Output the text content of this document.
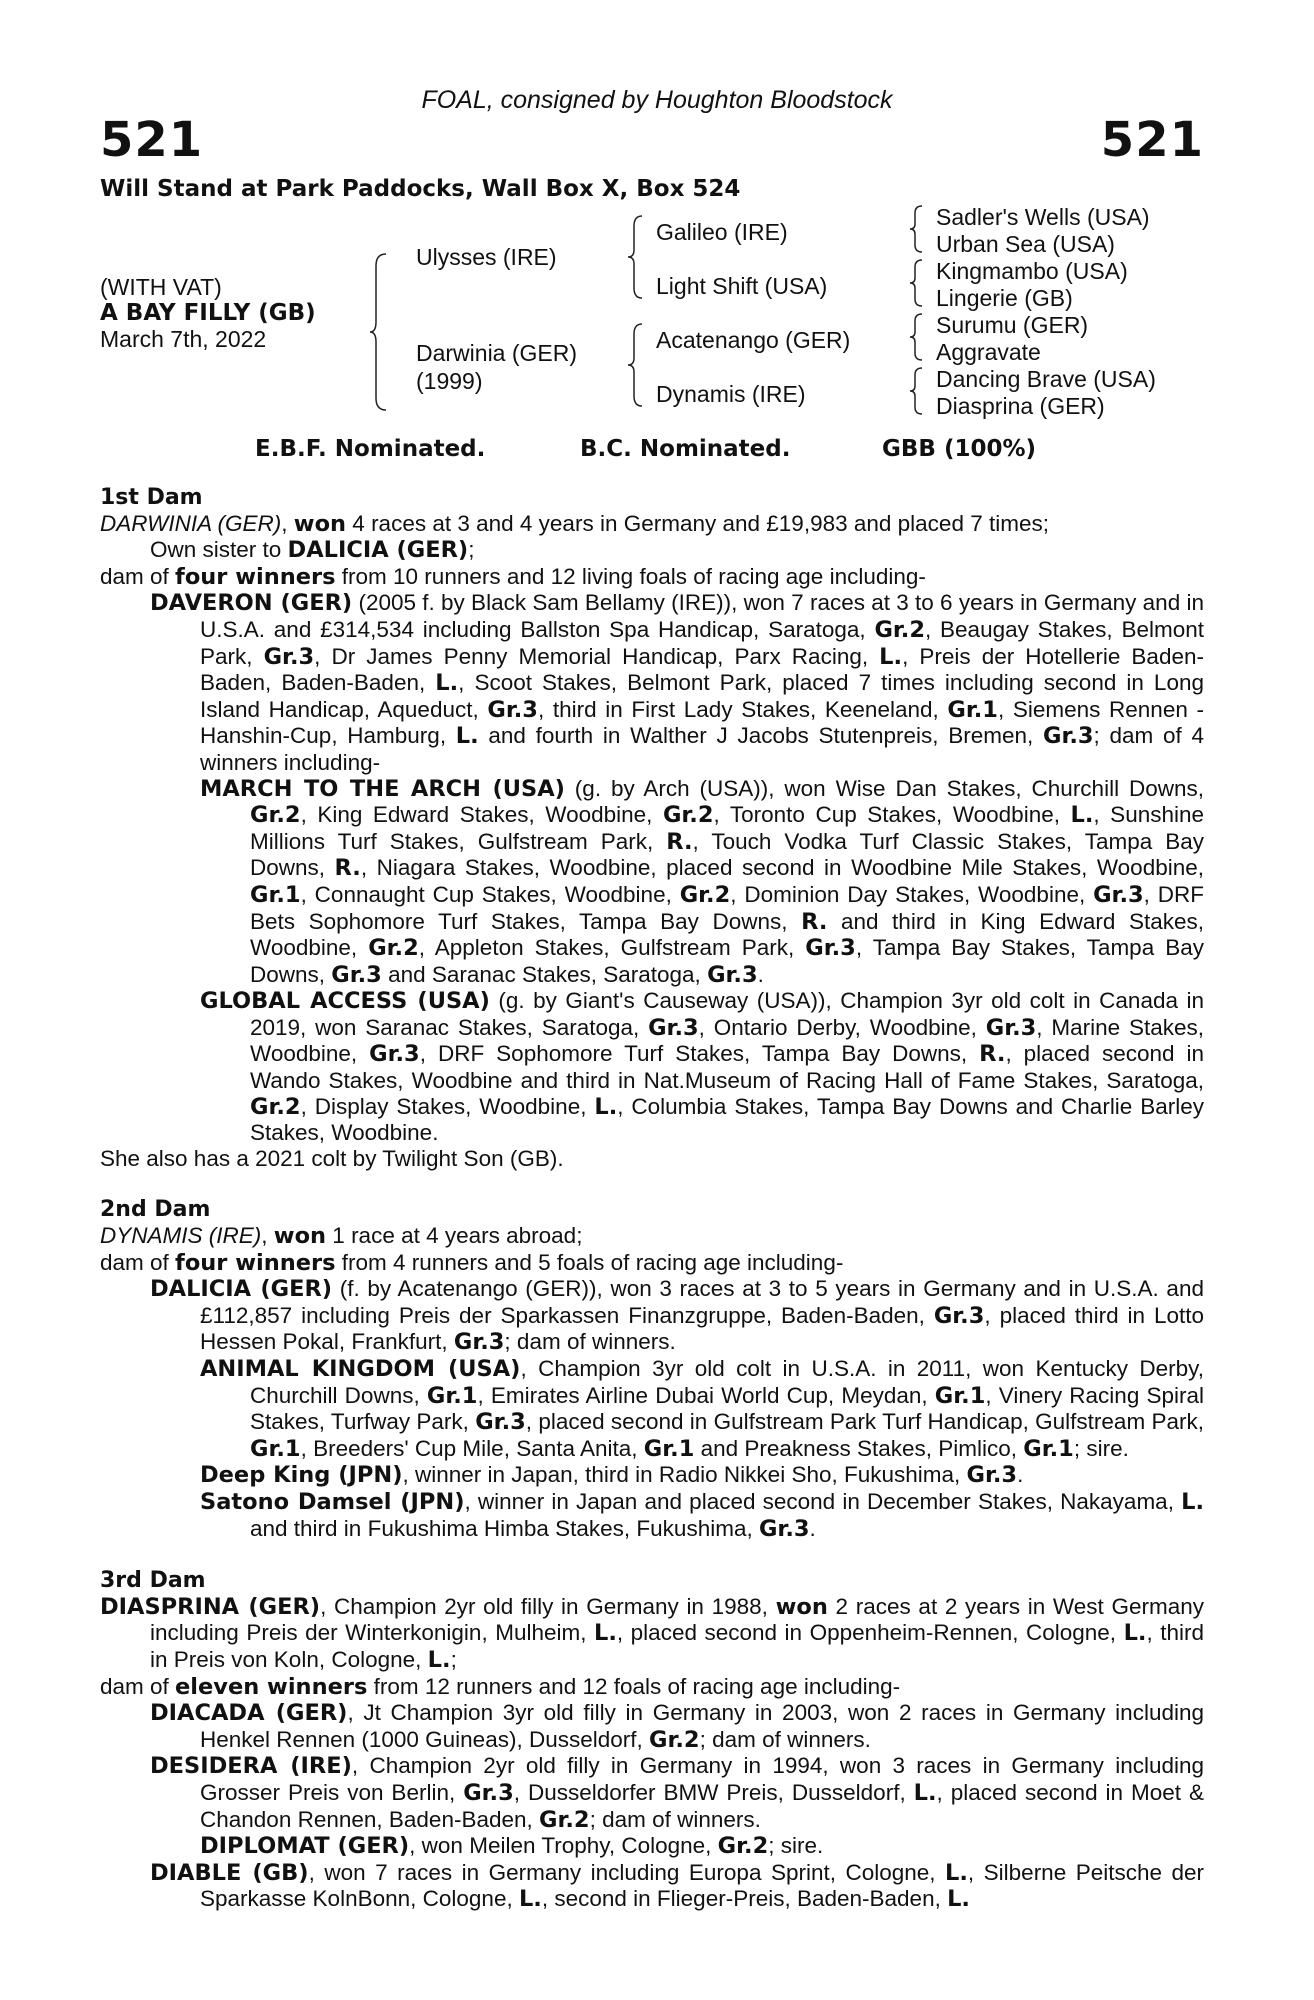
FOAL, consigned by Houghton Bloodstock
521	521
Will Stand at Park Paddocks, Wall Box X, Box 524
(WITH VAT)
A BAY FILLY (GB)
March 7th, 2022
Ulysses (IRE)
Darwinia (GER)
(1999)
Galileo (IRE)
Light Shift (USA)
Acatenango (GER)
Dynamis (IRE)
Sadler's Wells (USA)
Urban Sea (USA)
Kingmambo (USA)
Lingerie (GB)
Surumu (GER)
Aggravate
Dancing Brave (USA)
Diasprina (GER)
E.B.F. Nominated.	B.C. Nominated.	GBB (100%)
1st Dam
DARWINIA (GER), won 4 races at 3 and 4 years in Germany and £19,983 and placed 7 times;
Own sister to DALICIA (GER);
dam of four winners from 10 runners and 12 living foals of racing age including-
DAVERON (GER) (2005 f. by Black Sam Bellamy (IRE)), won 7 races at 3 to 6 years in Germany and in U.S.A. and £314,534 including Ballston Spa Handicap, Saratoga, Gr.2, Beaugay Stakes, Belmont Park, Gr.3, Dr James Penny Memorial Handicap, Parx Racing, L., Preis der Hotellerie Baden-Baden, Baden-Baden, L., Scoot Stakes, Belmont Park, placed 7 times including second in Long Island Handicap, Aqueduct, Gr.3, third in First Lady Stakes, Keeneland, Gr.1, Siemens Rennen - Hanshin-Cup, Hamburg, L. and fourth in Walther J Jacobs Stutenpreis, Bremen, Gr.3; dam of 4 winners including-
MARCH TO THE ARCH (USA) (g. by Arch (USA)), won Wise Dan Stakes, Churchill Downs, Gr.2, King Edward Stakes, Woodbine, Gr.2, Toronto Cup Stakes, Woodbine, L., Sunshine Millions Turf Stakes, Gulfstream Park, R., Touch Vodka Turf Classic Stakes, Tampa Bay Downs, R., Niagara Stakes, Woodbine, placed second in Woodbine Mile Stakes, Woodbine, Gr.1, Connaught Cup Stakes, Woodbine, Gr.2, Dominion Day Stakes, Woodbine, Gr.3, DRF Bets Sophomore Turf Stakes, Tampa Bay Downs, R. and third in King Edward Stakes, Woodbine, Gr.2, Appleton Stakes, Gulfstream Park, Gr.3, Tampa Bay Stakes, Tampa Bay Downs, Gr.3 and Saranac Stakes, Saratoga, Gr.3.
GLOBAL ACCESS (USA) (g. by Giant's Causeway (USA)), Champion 3yr old colt in Canada in 2019, won Saranac Stakes, Saratoga, Gr.3, Ontario Derby, Woodbine, Gr.3, Marine Stakes, Woodbine, Gr.3, DRF Sophomore Turf Stakes, Tampa Bay Downs, R., placed second in Wando Stakes, Woodbine and third in Nat.Museum of Racing Hall of Fame Stakes, Saratoga, Gr.2, Display Stakes, Woodbine, L., Columbia Stakes, Tampa Bay Downs and Charlie Barley Stakes, Woodbine.
She also has a 2021 colt by Twilight Son (GB).
2nd Dam
DYNAMIS (IRE), won 1 race at 4 years abroad;
dam of four winners from 4 runners and 5 foals of racing age including-
DALICIA (GER) (f. by Acatenango (GER)), won 3 races at 3 to 5 years in Germany and in U.S.A. and £112,857 including Preis der Sparkassen Finanzgruppe, Baden-Baden, Gr.3, placed third in Lotto Hessen Pokal, Frankfurt, Gr.3; dam of winners.
ANIMAL KINGDOM (USA), Champion 3yr old colt in U.S.A. in 2011, won Kentucky Derby, Churchill Downs, Gr.1, Emirates Airline Dubai World Cup, Meydan, Gr.1, Vinery Racing Spiral Stakes, Turfway Park, Gr.3, placed second in Gulfstream Park Turf Handicap, Gulfstream Park, Gr.1, Breeders' Cup Mile, Santa Anita, Gr.1 and Preakness Stakes, Pimlico, Gr.1; sire.
Deep King (JPN), winner in Japan, third in Radio Nikkei Sho, Fukushima, Gr.3.
Satono Damsel (JPN), winner in Japan and placed second in December Stakes, Nakayama, L. and third in Fukushima Himba Stakes, Fukushima, Gr.3.
3rd Dam
DIASPRINA (GER), Champion 2yr old filly in Germany in 1988, won 2 races at 2 years in West Germany including Preis der Winterkonigin, Mulheim, L., placed second in Oppenheim-Rennen, Cologne, L., third in Preis von Koln, Cologne, L.;
dam of eleven winners from 12 runners and 12 foals of racing age including-
DIACADA (GER), Jt Champion 3yr old filly in Germany in 2003, won 2 races in Germany including Henkel Rennen (1000 Guineas), Dusseldorf, Gr.2; dam of winners.
DESIDERA (IRE), Champion 2yr old filly in Germany in 1994, won 3 races in Germany including Grosser Preis von Berlin, Gr.3, Dusseldorfer BMW Preis, Dusseldorf, L., placed second in Moet & Chandon Rennen, Baden-Baden, Gr.2; dam of winners.
DIPLOMAT (GER), won Meilen Trophy, Cologne, Gr.2; sire.
DIABLE (GB), won 7 races in Germany including Europa Sprint, Cologne, L., Silberne Peitsche der Sparkasse KolnBonn, Cologne, L., second in Flieger-Preis, Baden-Baden, L.
